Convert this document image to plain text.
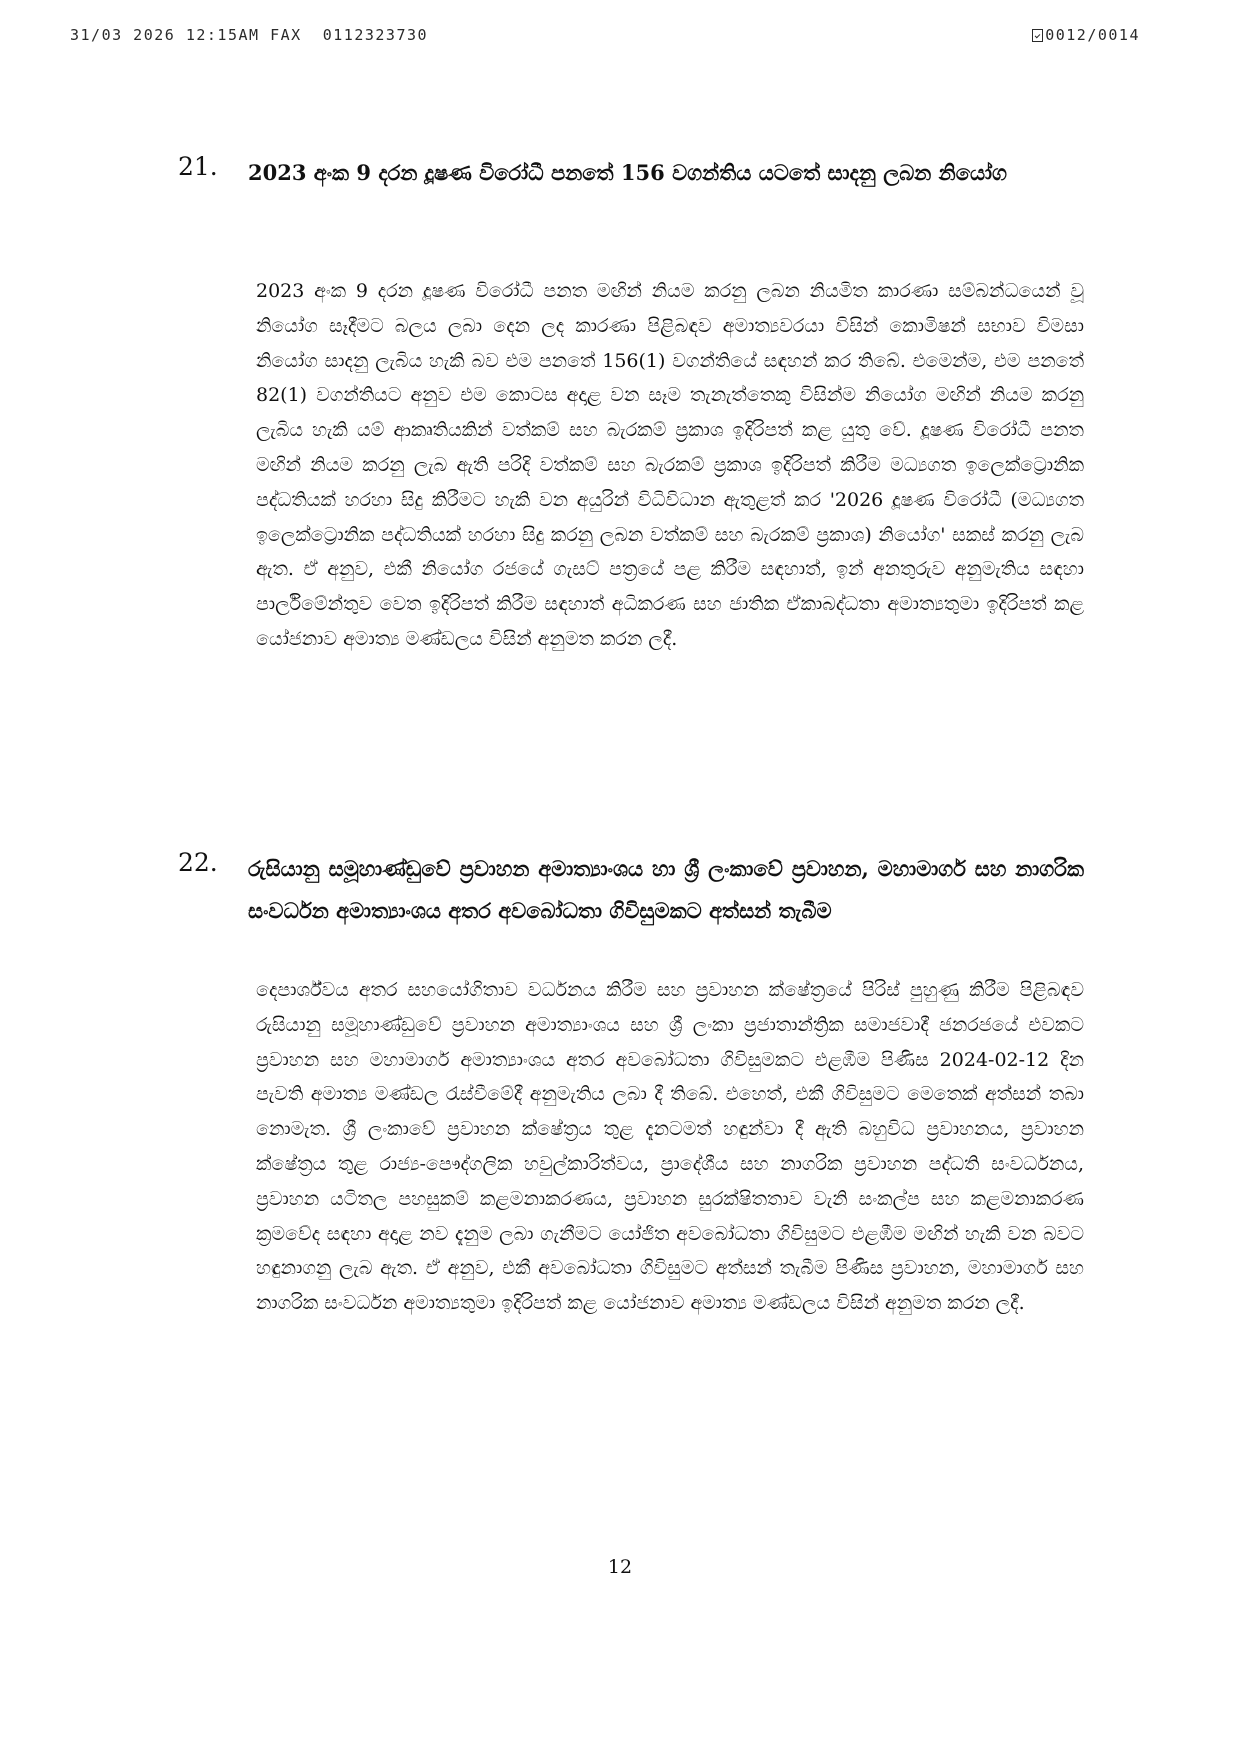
31/03 2026 12:15AM FAX  0112323730	0012/0014
21. 2023 අංක 9 දරන දූෂණ විරෝධී පනතේ 156 වගන්තිය යටතේ සාදනු ලබන නියෝග
2023 අංක 9 දරන දූෂණ විරෝධී පනත මඟින් නියම කරනු ලබන නියමිත කාරණා සම්බන්ධයෙන් වූ නියෝග සෑදීමට බලය ලබා දෙන ලද කාරණා පිළිබඳව අමාත්‍යවරයා විසින් කොමිෂන් සභාව විමසා නියෝග සාදනු ලැබිය හැකි බව එම පනතේ 156(1) වගන්තියේ සඳහන් කර තිබේ. එමෙන්ම, එම පනතේ 82(1) වගන්තියට අනුව එම කොටස අදාළ වන සෑම තැනැත්තෙකු විසින්ම නියෝග මඟින් නියම කරනු ලැබිය හැකි යම් ආකෘතියකින් වත්කම් සහ බැරකම් ප්‍රකාශ ඉදිරිපත් කළ යුතු වේ. දූෂණ විරෝධී පනත මඟින් නියම කරනු ලැබ ඇති පරිදි වත්කම් සහ බැරකම් ප්‍රකාශ ඉදිරිපත් කිරීම මධ්‍යගත ඉලෙක්ට්‍රොනික පද්ධතියක් හරහා සිදු කිරීමට හැකි වන අයුරින් විධිවිධාන ඇතුළත් කර '2026 දූෂණ විරෝධී (මධ්‍යගත ඉලෙක්ට්‍රොනික පද්ධතියක් හරහා සිදු කරනු ලබන වත්කම් සහ බැරකම් ප්‍රකාශ) නියෝග' සකස් කරනු ලැබ ඇත. ඒ අනුව, එකී නියෝග රජයේ ගැසට් පත්‍රයේ පළ කිරීම සඳහාත්, ඉන් අනතුරුව අනුමැතිය සඳහා පාර්ලිමේන්තුව වෙත ඉදිරිපත් කිරීම සඳහාත් අධිකරණ සහ ජාතික ඒකාබද්ධතා අමාත්‍යතුමා ඉදිරිපත් කළ යෝජනාව අමාත්‍ය මණ්ඩලය විසින් අනුමත කරන ලදී.
22. රුසියානු සමූහාණ්ඩුවේ ප්‍රවාහන අමාත්‍යාංශය හා ශ්‍රී ලංකාවේ ප්‍රවාහන, මහාමාර්ග සහ නාගරික සංවර්ධන අමාත්‍යාංශය අතර අවබෝධතා ගිවිසුමකට අත්සන් තැබීම
දෙපාර්ශ්වය අතර සහයෝගිතාව වර්ධනය කිරීම සහ ප්‍රවාහන ක්ෂේත්‍රයේ පිරිස් පුහුණු කිරීම පිළිබඳව රුසියානු සමූහාණ්ඩුවේ ප්‍රවාහන අමාත්‍යාංශය සහ ශ්‍රී ලංකා ප්‍රජාතාන්ත්‍රික සමාජවාදී ජනරජයේ එවකට ප්‍රවාහන සහ මහාමාර්ග අමාත්‍යාංශය අතර අවබෝධතා ගිවිසුමකට එළඹීම පිණිස 2024-02-12 දින පැවති අමාත්‍ය මණ්ඩල රැස්වීමේදී අනුමැතිය ලබා දී තිබේ. එහෙත්, එකී ගිවිසුමට මෙතෙක් අත්සන් තබා නොමැත. ශ්‍රී ලංකාවේ ප්‍රවාහන ක්ෂේත්‍රය තුළ දැනටමත් හඳුන්වා දී ඇති බහුවිධ ප්‍රවාහනය, ප්‍රවාහන ක්ෂේත්‍රය තුළ රාජ්‍ය-පෞද්ගලික හවුල්කාරිත්වය, ප්‍රාදේශීය සහ නාගරික ප්‍රවාහන පද්ධති සංවර්ධනය, ප්‍රවාහන යටිතල පහසුකම් කළමනාකරණය, ප්‍රවාහන සුරක්ෂිතතාව වැනි සංකල්ප සහ කළමනාකරණ ක්‍රමවේද සඳහා අදාළ නව දැනුම ලබා ගැනීමට යෝජිත අවබෝධතා ගිවිසුමට එළඹීම මඟින් හැකි වන බවට හඳුනාගනු ලැබ ඇත. ඒ අනුව, එකී අවබෝධතා ගිවිසුමට අත්සන් තැබීම පිණිස ප්‍රවාහන, මහාමාර්ග සහ නාගරික සංවර්ධන අමාත්‍යතුමා ඉදිරිපත් කළ යෝජනාව අමාත්‍ය මණ්ඩලය විසින් අනුමත කරන ලදී.
12
